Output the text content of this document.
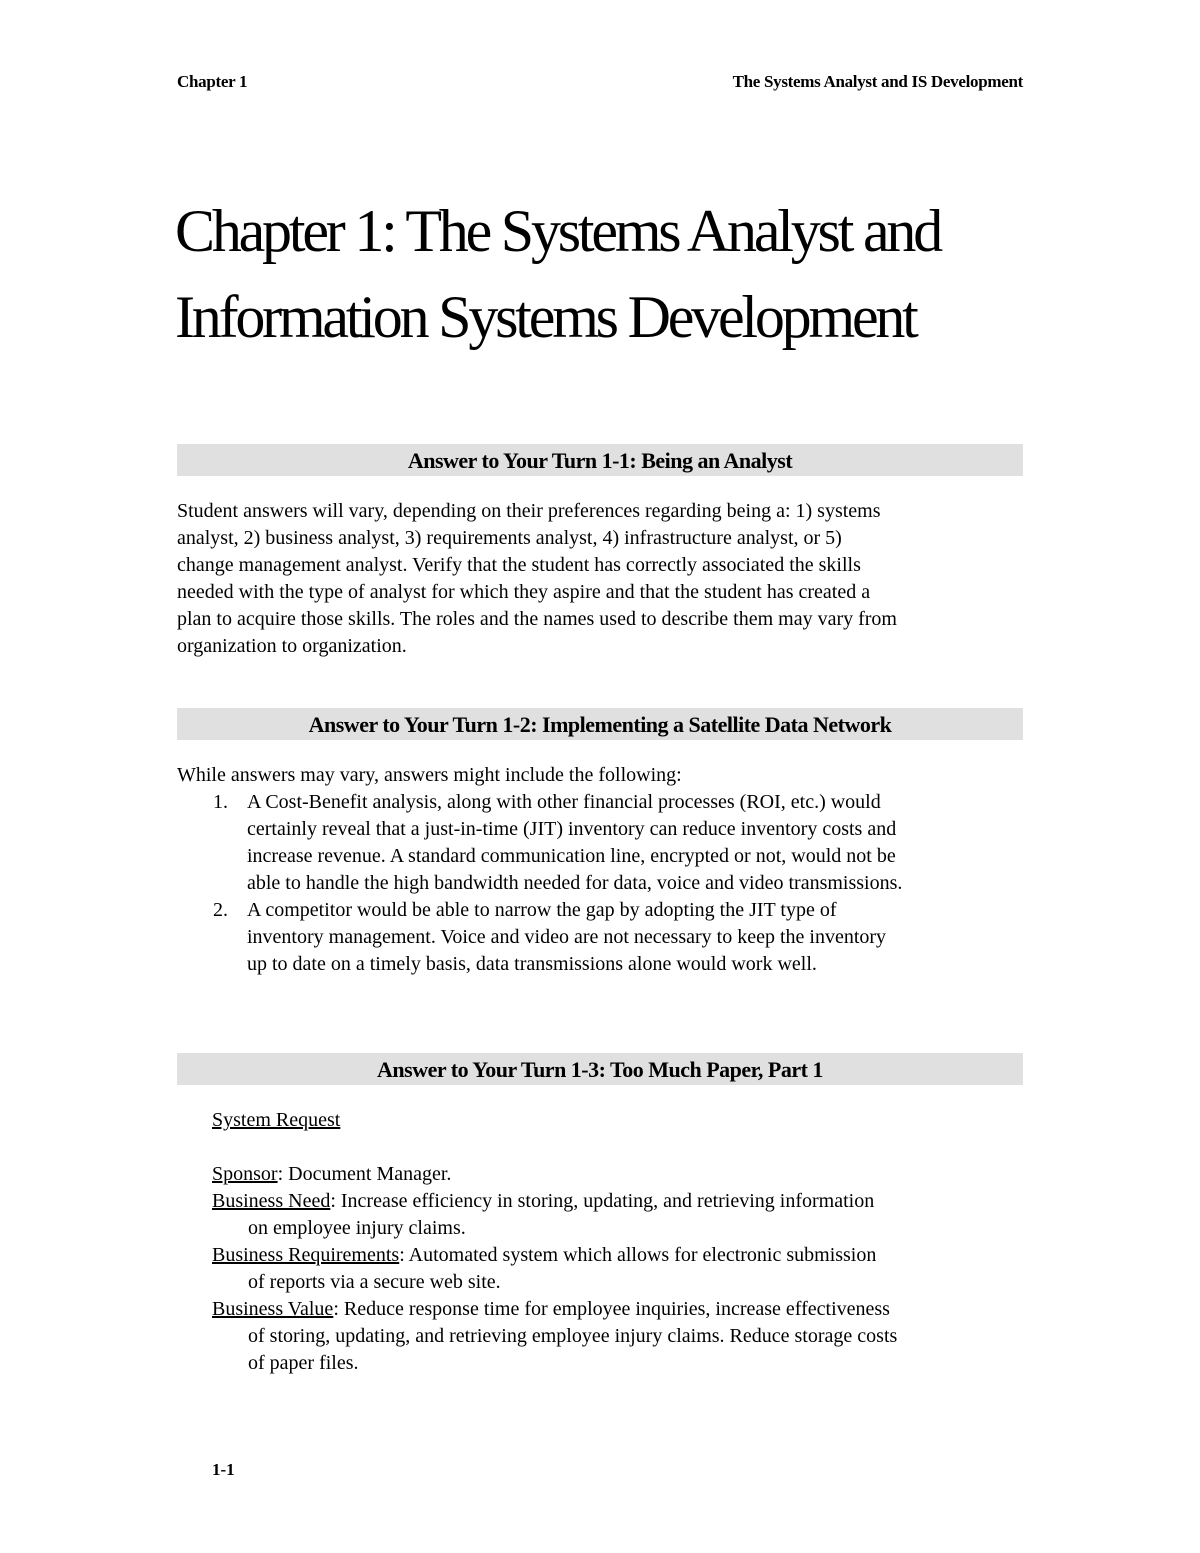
Chapter 1	The Systems Analyst and IS Development
Chapter 1: The Systems Analyst and
Information Systems Development
Answer to Your Turn 1-1: Being an Analyst

Student answers will vary, depending on their preferences regarding being a: 1) systems
analyst, 2) business analyst, 3) requirements analyst, 4) infrastructure analyst, or 5)
change management analyst. Verify that the student has correctly associated the skills
needed with the type of analyst for which they aspire and that the student has created a
plan to acquire those skills. The roles and the names used to describe them may vary from
organization to organization.

Answer to Your Turn 1-2: Implementing a Satellite Data Network

While answers may vary, answers might include the following:

1. A Cost-Benefit analysis, along with other financial processes (ROI, etc.) would
certainly reveal that a just-in-time (JIT) inventory can reduce inventory costs and
increase revenue. A standard communication line, encrypted or not, would not be
able to handle the high bandwidth needed for data, voice and video transmissions.
2. A competitor would be able to narrow the gap by adopting the JIT type of
inventory management. Voice and video are not necessary to keep the inventory
up to date on a timely basis, data transmissions alone would work well.
Answer to Your Turn 1-3: Too Much Paper, Part 1
System Request

Sponsor: Document Manager.

Business Need: Increase efficiency in storing, updating, and retrieving information
on employee injury claims.

Business Requirements: Automated system which allows for electronic submission
of reports via a secure web site.

Business Value: Reduce response time for employee inquiries, increase effectiveness
of storing, updating, and retrieving employee injury claims. Reduce storage costs
of paper files.

1-1
